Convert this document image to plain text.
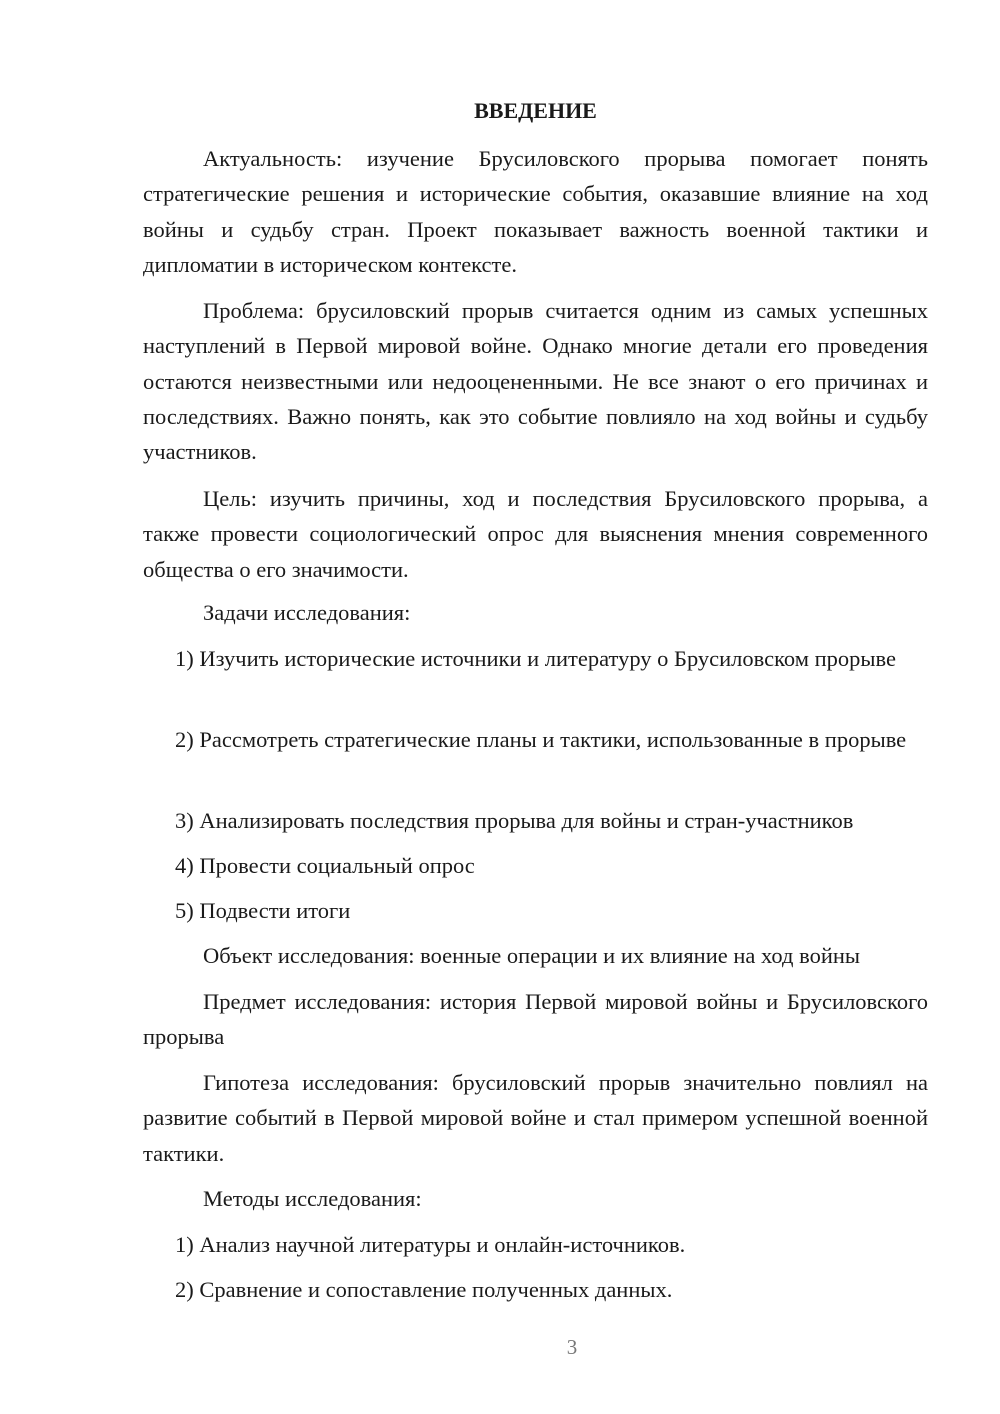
ВВЕДЕНИЕ

Актуальность: изучение Брусиловского прорыва помогает понять стратегические решения и исторические события, оказавшие влияние на ход войны и судьбу стран. Проект показывает важность военной тактики и дипломатии в историческом контексте.

Проблема: брусиловский прорыв считается одним из самых успешных наступлений в Первой мировой войне. Однако многие детали его проведения остаются неизвестными или недооцененными. Не все знают о его причинах и последствиях. Важно понять, как это событие повлияло на ход войны и судьбу участников.

Цель: изучить причины, ход и последствия Брусиловского прорыва, а также провести социологический опрос для выяснения мнения современного общества о его значимости.

Задачи исследования:

1) Изучить исторические источники и литературу о Брусиловском прорыве

2) Рассмотреть стратегические планы и тактики, использованные в прорыве

3) Анализировать последствия прорыва для войны и стран-участников

4) Провести социальный опрос

5) Подвести итоги

Объект исследования: военные операции и их влияние на ход войны

Предмет исследования: история Первой мировой войны и Брусиловского прорыва

Гипотеза исследования: брусиловский прорыв значительно повлиял на развитие событий в Первой мировой войне и стал примером успешной военной тактики.

Методы исследования:

1) Анализ научной литературы и онлайн-источников.

2) Сравнение и сопоставление полученных данных.

3
